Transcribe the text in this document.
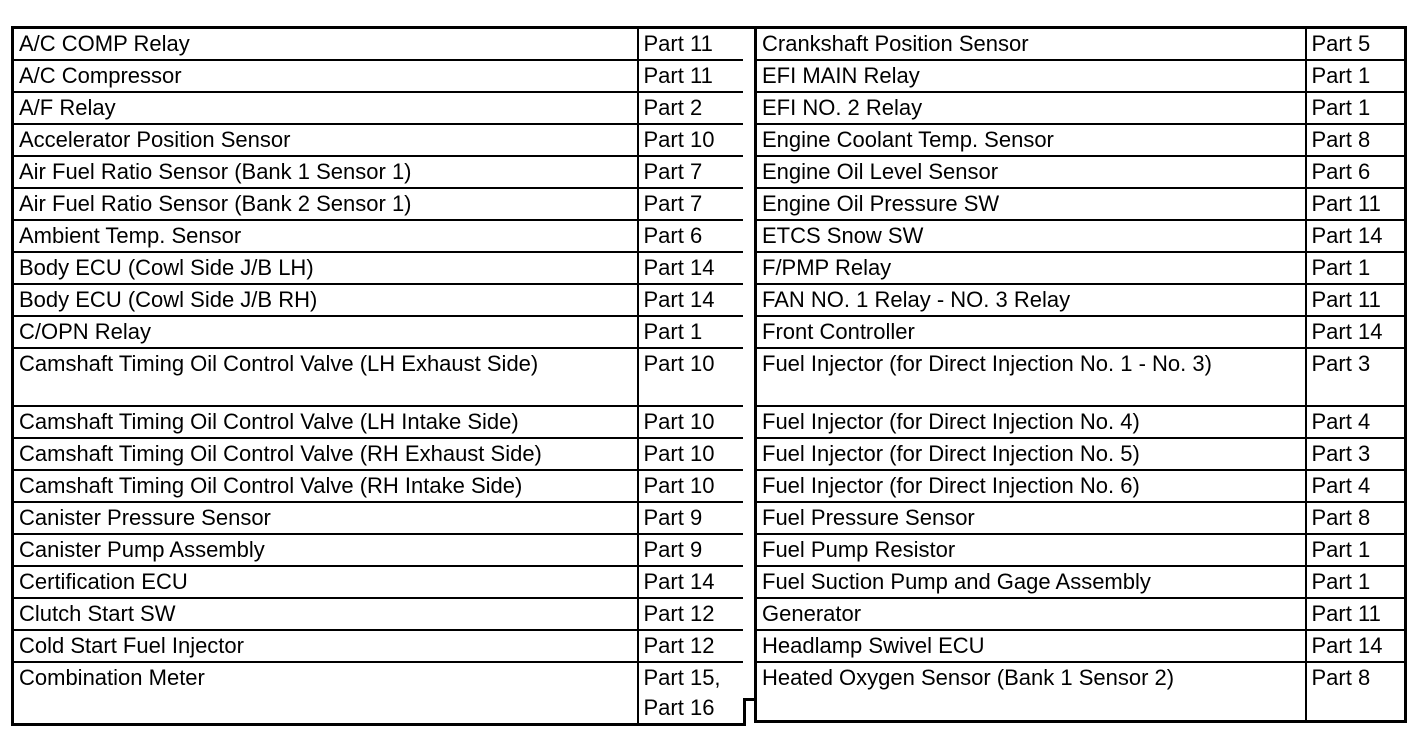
A/C COMP Relay	Part 11
A/C Compressor	Part 11
A/F Relay	Part 2
Accelerator Position Sensor	Part 10
Air Fuel Ratio Sensor (Bank 1 Sensor 1)	Part 7
Air Fuel Ratio Sensor (Bank 2 Sensor 1)	Part 7
Ambient Temp. Sensor	Part 6
Body ECU (Cowl Side J/B LH)	Part 14
Body ECU (Cowl Side J/B RH)	Part 14
C/OPN Relay	Part 1
Camshaft Timing Oil Control Valve (LH Exhaust Side)	Part 10
Camshaft Timing Oil Control Valve (LH Intake Side)	Part 10
Camshaft Timing Oil Control Valve (RH Exhaust Side)	Part 10
Camshaft Timing Oil Control Valve (RH Intake Side)	Part 10
Canister Pressure Sensor	Part 9
Canister Pump Assembly	Part 9
Certification ECU	Part 14
Clutch Start SW	Part 12
Cold Start Fuel Injector	Part 12
Combination Meter	Part 15, Part 16
Crankshaft Position Sensor	Part 5
EFI MAIN Relay	Part 1
EFI NO. 2 Relay	Part 1
Engine Coolant Temp. Sensor	Part 8
Engine Oil Level Sensor	Part 6
Engine Oil Pressure SW	Part 11
ETCS Snow SW	Part 14
F/PMP Relay	Part 1
FAN NO. 1 Relay - NO. 3 Relay	Part 11
Front Controller	Part 14
Fuel Injector (for Direct Injection No. 1 - No. 3)	Part 3
Fuel Injector (for Direct Injection No. 4)	Part 4
Fuel Injector (for Direct Injection No. 5)	Part 3
Fuel Injector (for Direct Injection No. 6)	Part 4
Fuel Pressure Sensor	Part 8
Fuel Pump Resistor	Part 1
Fuel Suction Pump and Gage Assembly	Part 1
Generator	Part 11
Headlamp Swivel ECU	Part 14
Heated Oxygen Sensor (Bank 1 Sensor 2)	Part 8
